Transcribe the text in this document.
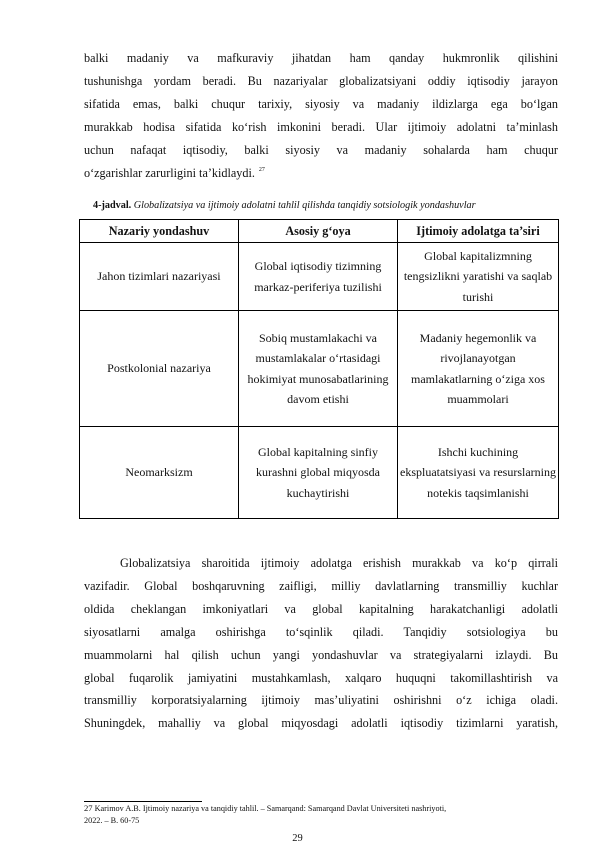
balki madaniy va mafkuraviy jihatdan ham qanday hukmronlik qilishini
tushunishga yordam beradi. Bu nazariyalar globalizatsiyani oddiy iqtisodiy jarayon
sifatida emas, balki chuqur tarixiy, siyosiy va madaniy ildizlarga ega bo‘lgan
murakkab hodisa sifatida ko‘rish imkonini beradi. Ular ijtimoiy adolatni ta’minlash
uchun nafaqat iqtisodiy, balki siyosiy va madaniy sohalarda ham chuqur
o‘zgarishlar zarurligini ta’kidlaydi. $^{27}$
4-jadval. Globalizatsiya va ijtimoiy adolatni tahlil qilishda tanqidiy sotsiologik yondashuvlar
Nazariy yondashuv	Asosiy g‘oya	Ijtimoiy adolatga ta’siri
Jahon tizimlari nazariyasi	Global iqtisodiy tizimning markaz-periferiya tuzilishi	Global kapitalizmning tengsizlikni yaratishi va saqlab turishi
Postkolonial nazariya	Sobiq mustamlakachi va mustamlakalar o‘rtasidagi hokimiyat munosabatlarining davom etishi	Madaniy hegemonlik va rivojlanayotgan mamlakatlarning o‘ziga xos muammolari
Neomarksizm	Global kapitalning sinfiy kurashni global miqyosda kuchaytirishi	Ishchi kuchining ekspluatatsiyasi va resurslarning notekis taqsimlanishi
Globalizatsiya sharoitida ijtimoiy adolatga erishish murakkab va ko‘p qirrali
vazifadir. Global boshqaruvning zaifligi, milliy davlatlarning transmilliy kuchlar
oldida cheklangan imkoniyatlari va global kapitalning harakatchanligi adolatli
siyosatlarni amalga oshirishga to‘sqinlik qiladi. Tanqidiy sotsiologiya bu
muammolarni hal qilish uchun yangi yondashuvlar va strategiyalarni izlaydi. Bu
global fuqarolik jamiyatini mustahkamlash, xalqaro huquqni takomillashtirish va
transmilliy korporatsiyalarning ijtimoiy mas’uliyatini oshirishni o‘z ichiga oladi.
Shuningdek, mahalliy va global miqyosdagi adolatli iqtisodiy tizimlarni yaratish,
27 Karimov A.B. Ijtimoiy nazariya va tanqidiy tahlil. – Samarqand: Samarqand Davlat Universiteti nashriyoti,
2022. – B. 60-75
29
